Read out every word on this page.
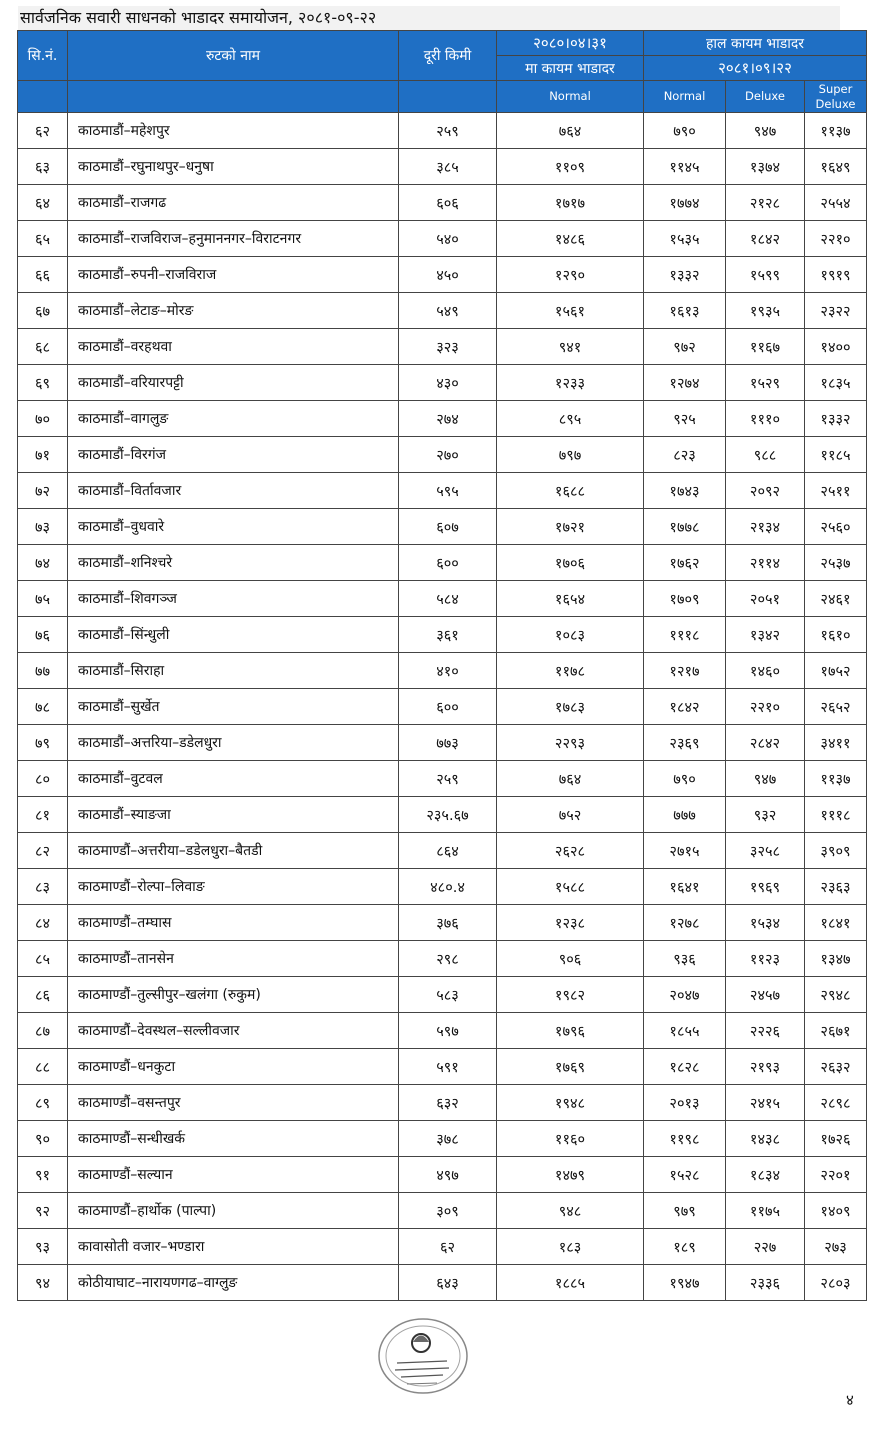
सार्वजनिक सवारी साधनको भाडादर समायोजन, २०८१-०९-२२
सि.नं.	रुटको नाम	दूरी किमी	२०८०।०४।३१	हाल कायम भाडादर		
			मा कायम भाडादर	२०८१।०९।२२		
			Normal	Normal	Deluxe	Super Deluxe
६२	काठमाडौं–महेशपुर	२५९	७६४	७९०	९४७	११३७
६३	काठमाडौं–रघुनाथपुर–धनुषा	३८५	११०९	११४५	१३७४	१६४९
६४	काठमाडौं–राजगढ	६०६	१७१७	१७७४	२१२८	२५५४
६५	काठमाडौं–राजविराज–हनुमाननगर–विराटनगर	५४०	१४८६	१५३५	१८४२	२२१०
६६	काठमाडौं–रुपनी–राजविराज	४५०	१२९०	१३३२	१५९९	१९१९
६७	काठमाडौं–लेटाङ–मोरङ	५४९	१५६१	१६१३	१९३५	२३२२
६८	काठमाडौं–वरहथवा	३२३	९४१	९७२	११६७	१४००
६९	काठमाडौं–वरियारपट्टी	४३०	१२३३	१२७४	१५२९	१८३५
७०	काठमाडौं–वागलुङ	२७४	८९५	९२५	१११०	१३३२
७१	काठमाडौं–विरगंज	२७०	७९७	८२३	९८८	११८५
७२	काठमाडौं–विर्तावजार	५९५	१६८८	१७४३	२०९२	२५११
७३	काठमाडौं–वुधवारे	६०७	१७२१	१७७८	२१३४	२५६०
७४	काठमाडौं–शनिश्चरे	६००	१७०६	१७६२	२११४	२५३७
७५	काठमाडौं–शिवगञ्ज	५८४	१६५४	१७०९	२०५१	२४६१
७६	काठमाडौं–सिंन्धुली	३६१	१०८३	१११८	१३४२	१६१०
७७	काठमाडौं–सिराहा	४१०	११७८	१२१७	१४६०	१७५२
७८	काठमाडौं–सुर्खेत	६००	१७८३	१८४२	२२१०	२६५२
७९	काठमाडौं–अत्तरिया–डडेलधुरा	७७३	२२९३	२३६९	२८४२	३४११
८०	काठमाडौं–वुटवल	२५९	७६४	७९०	९४७	११३७
८१	काठमाडौं–स्याङजा	२३५.६७	७५२	७७७	९३२	१११८
८२	काठमाण्डौं–अत्तरीया–डडेलधुरा–बैतडी	८६४	२६२८	२७१५	३२५८	३९०९
८३	काठमाण्डौं–रोल्पा–लिवाङ	४८०.४	१५८८	१६४१	१९६९	२३६३
८४	काठमाण्डौं–तम्घास	३७६	१२३८	१२७८	१५३४	१८४१
८५	काठमाण्डौं–तानसेन	२९८	९०६	९३६	११२३	१३४७
८६	काठमाण्डौं–तुल्सीपुर–खलंगा (रुकुम)	५८३	१९८२	२०४७	२४५७	२९४८
८७	काठमाण्डौं–देवस्थल–सल्लीवजार	५९७	१७९६	१८५५	२२२६	२६७१
८८	काठमाण्डौं–धनकुटा	५९१	१७६९	१८२८	२१९३	२६३२
८९	काठमाण्डौं–वसन्तपुर	६३२	१९४८	२०१३	२४१५	२८९८
९०	काठमाण्डौं–सन्धीखर्क	३७८	११६०	११९८	१४३८	१७२६
९१	काठमाण्डौं–सल्यान	४९७	१४७९	१५२८	१८३४	२२०१
९२	काठमाण्डौं–हार्थोक (पाल्पा)	३०९	९४८	९७९	११७५	१४०९
९३	कावासोती वजार–भण्डारा	६२	१८३	१८९	२२७	२७३
९४	कोठीयाघाट–नारायणगढ–वाग्लुङ	६४३	१८८५	१९४७	२३३६	२८०३
४
